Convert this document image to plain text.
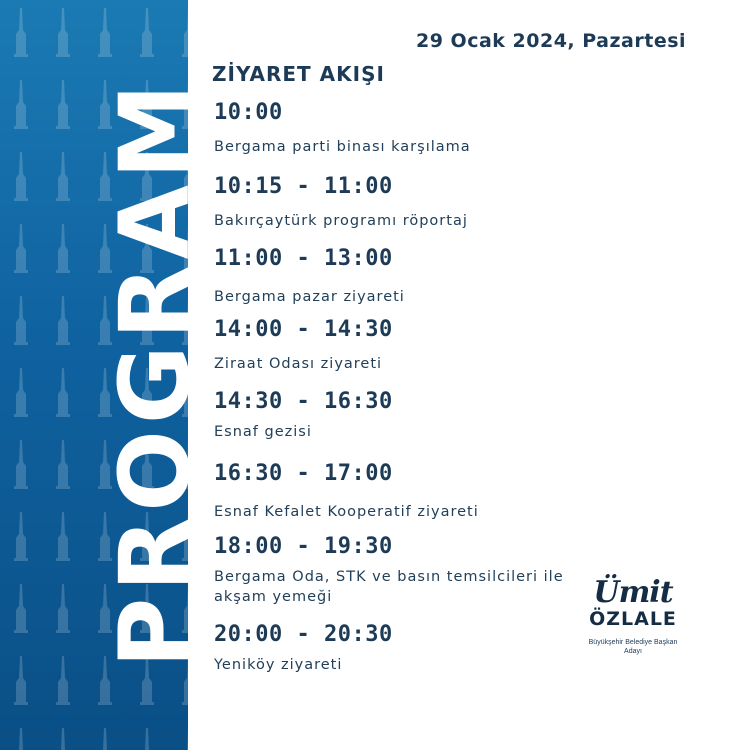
PROGRAM
29 Ocak 2024, Pazartesi
ZİYARET AKIŞI
10:00
Bergama parti binası karşılama
10:15 - 11:00
Bakırçaytürk programı röportaj
11:00 - 13:00
Bergama pazar ziyareti
14:00 - 14:30
Ziraat Odası ziyareti
14:30 - 16:30
Esnaf gezisi
16:30 - 17:00
Esnaf Kefalet Kooperatif ziyareti
18:00 - 19:30
Bergama Oda, STK ve basın temsilcileri ile akşam yemeği
20:00 - 20:30
Yeniköy ziyareti
Ümit
ÖZLALE
Büyükşehir Belediye Başkan Adayı
